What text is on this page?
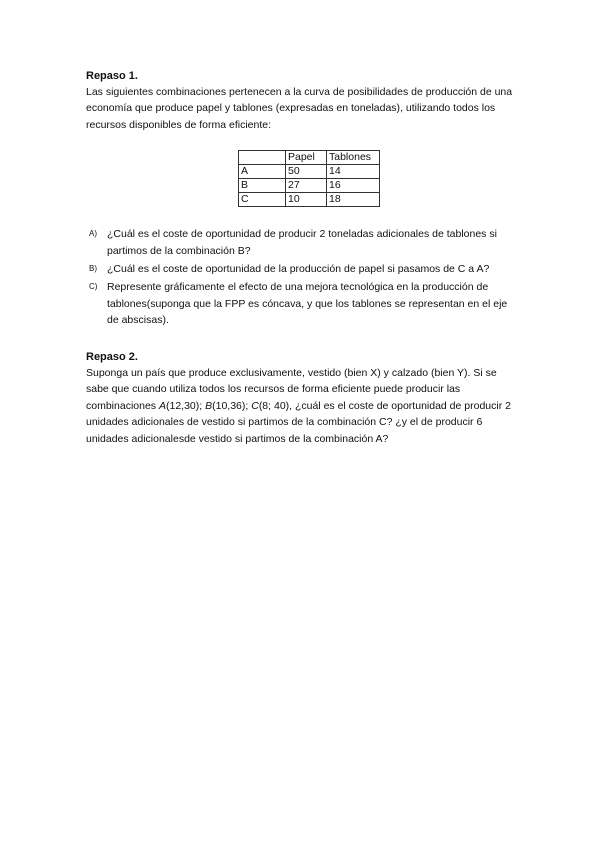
Repaso 1.

Las siguientes combinaciones pertenecen a la curva de posibilidades de producción de una economía que produce papel y tablones (expresadas en toneladas), utilizando todos los recursos disponibles de forma eficiente:

	Papel	Tablones
A	50	14
B	27	16
C	10	18
A) ¿Cuál es el coste de oportunidad de producir 2 toneladas adicionales de tablones si partimos de la combinación B?
B) ¿Cuál es el coste de oportunidad de la producción de papel si pasamos de C a A?
C) Represente gráficamente el efecto de una mejora tecnológica en la producción de tablones(suponga que la FPP es cóncava, y que los tablones se representan en el eje de abscisas).

Repaso 2.

Suponga un país que produce exclusivamente, vestido (bien X) y calzado (bien Y). Si se sabe que cuando utiliza todos los recursos de forma eficiente puede producir las combinaciones A(12,30); B(10,36); C(8; 40), ¿cuál es el coste de oportunidad de producir 2 unidades adicionales de vestido si partimos de la combinación C? ¿y el de producir 6 unidades adicionalesde vestido si partimos de la combinación A?
